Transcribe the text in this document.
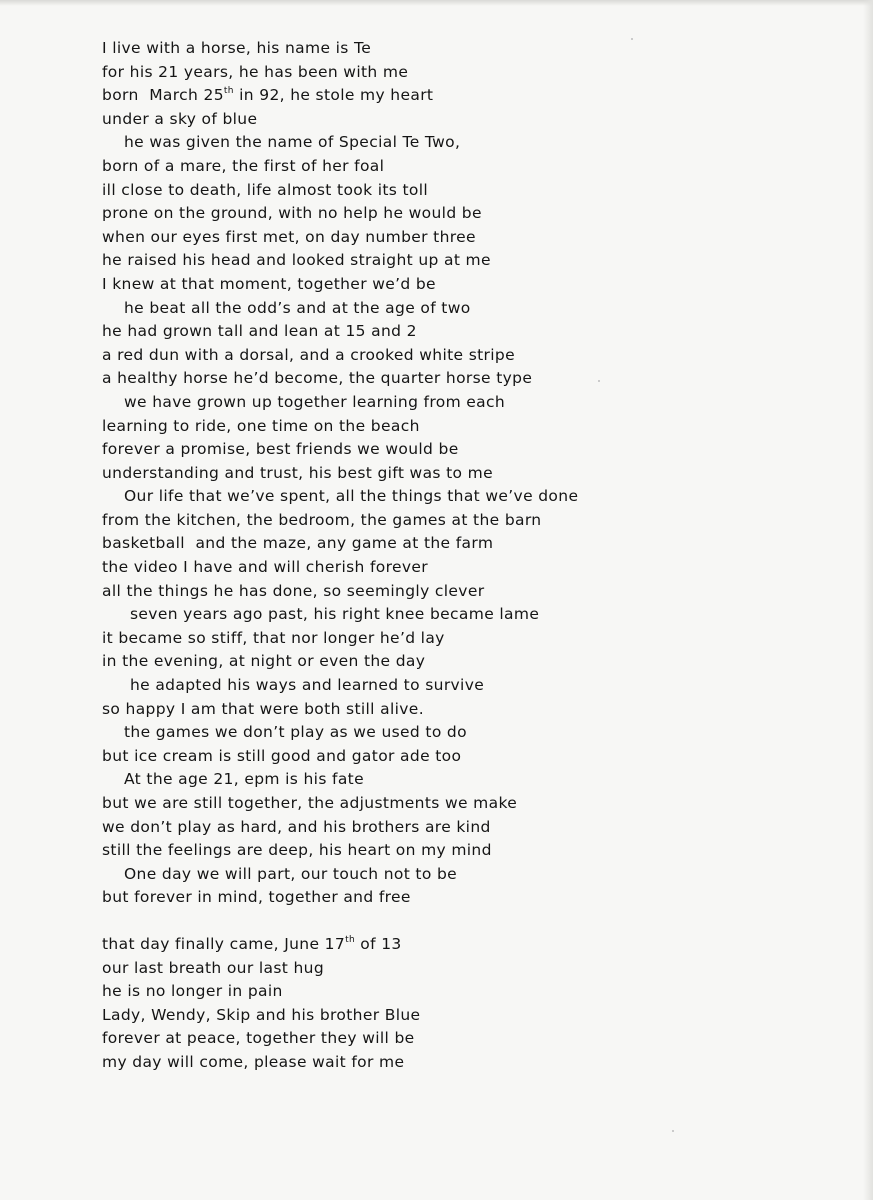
I live with a horse, his name is Te
for his 21 years, he has been with me
born  March 25th in 92, he stole my heart
under a sky of blue
he was given the name of Special Te Two,
born of a mare, the first of her foal
ill close to death, life almost took its toll
prone on the ground, with no help he would be
when our eyes first met, on day number three
he raised his head and looked straight up at me
I knew at that moment, together we’d be
he beat all the odd’s and at the age of two
he had grown tall and lean at 15 and 2
a red dun with a dorsal, and a crooked white stripe
a healthy horse he’d become, the quarter horse type
we have grown up together learning from each
learning to ride, one time on the beach
forever a promise, best friends we would be
understanding and trust, his best gift was to me
Our life that we’ve spent, all the things that we’ve done
from the kitchen, the bedroom, the games at the barn
basketball  and the maze, any game at the farm
the video I have and will cherish forever
all the things he has done, so seemingly clever
seven years ago past, his right knee became lame
it became so stiff, that nor longer he’d lay
in the evening, at night or even the day
he adapted his ways and learned to survive
so happy I am that were both still alive.
the games we don’t play as we used to do
but ice cream is still good and gator ade too
At the age 21, epm is his fate
but we are still together, the adjustments we make
we don’t play as hard, and his brothers are kind
still the feelings are deep, his heart on my mind
One day we will part, our touch not to be
but forever in mind, together and free
that day finally came, June 17th of 13
our last breath our last hug
he is no longer in pain
Lady, Wendy, Skip and his brother Blue
forever at peace, together they will be
my day will come, please wait for me
